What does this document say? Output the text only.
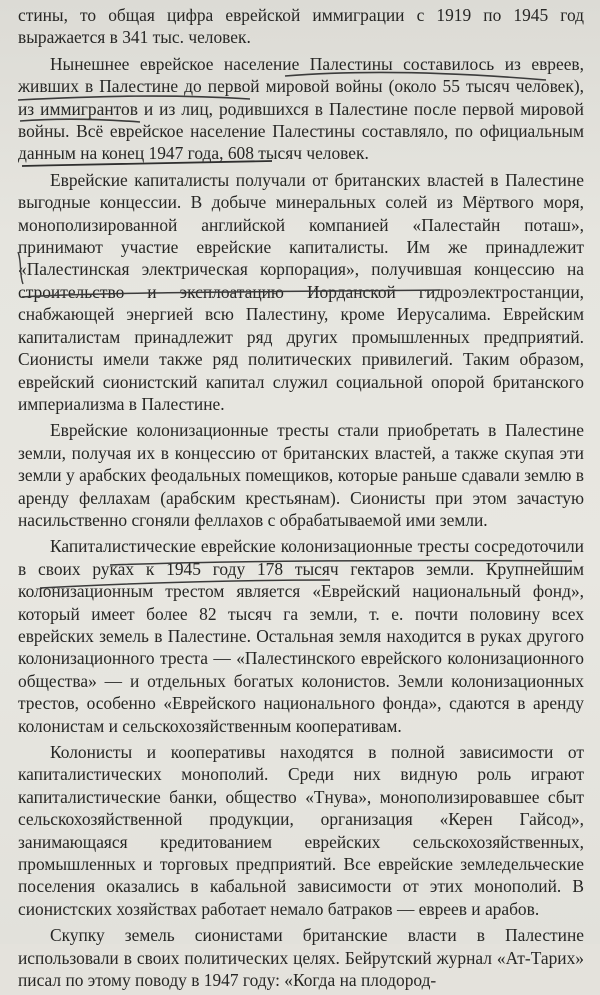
стины, то общая цифра еврейской иммиграции с 1919 по 1945 год выражается в 341 тыс. человек.

Нынешнее еврейское население Палестины составилось из евреев, живших в Палестине до первой мировой войны (около 55 тысяч человек), из иммигрантов и из лиц, родившихся в Палестине после первой мировой войны. Всё еврейское население Палестины составляло, по официальным данным на конец 1947 года, 608 тысяч человек.

Еврейские капиталисты получали от британских властей в Палестине выгодные концессии. В добыче минеральных солей из Мёртвого моря, монополизированной английской компанией «Палестайн поташ», принимают участие еврейские капиталисты. Им же принадлежит «Палестинская электрическая корпорация», получившая концессию на строительство и эксплоатацию Иорданской гидроэлектростанции, снабжающей энергией всю Палестину, кроме Иерусалима. Еврейским капиталистам принадлежит ряд других промышленных предприятий. Сионисты имели также ряд политических привилегий. Таким образом, еврейский сионистский капитал служил социальной опорой британского империализма в Палестине.

Еврейские колонизационные тресты стали приобретать в Палестине земли, получая их в концессию от британских властей, а также скупая эти земли у арабских феодальных помещиков, которые раньше сдавали землю в аренду феллахам (арабским крестьянам). Сионисты при этом зачастую насильственно сгоняли феллахов с обрабатываемой ими земли.

Капиталистические еврейские колонизационные тресты сосредоточили в своих руках к 1945 году 178 тысяч гектаров земли. Крупнейшим колонизационным трестом является «Еврейский национальный фонд», который имеет более 82 тысяч га земли, т. е. почти половину всех еврейских земель в Палестине. Остальная земля находится в руках другого колонизационного треста — «Палестинского еврейского колонизационного общества» — и отдельных богатых колонистов. Земли колонизационных трестов, особенно «Еврейского национального фонда», сдаются в аренду колонистам и сельскохозяйственным кооперативам.

Колонисты и кооперативы находятся в полной зависимости от капиталистических монополий. Среди них видную роль играют капиталистические банки, общество «Тнува», монополизировавшее сбыт сельскохозяйственной продукции, организация «Керен Гайсод», занимающаяся кредитованием еврейских сельскохозяйственных, промышленных и торговых предприятий. Все еврейские земледельческие поселения оказались в кабальной зависимости от этих монополий. В сионистских хозяйствах работает немало батраков — евреев и арабов.

Скупку земель сионистами британские власти в Палестине использовали в своих политических целях. Бейрутский журнал «Ат-Тарих» писал по этому поводу в 1947 году: «Когда на плодород-
